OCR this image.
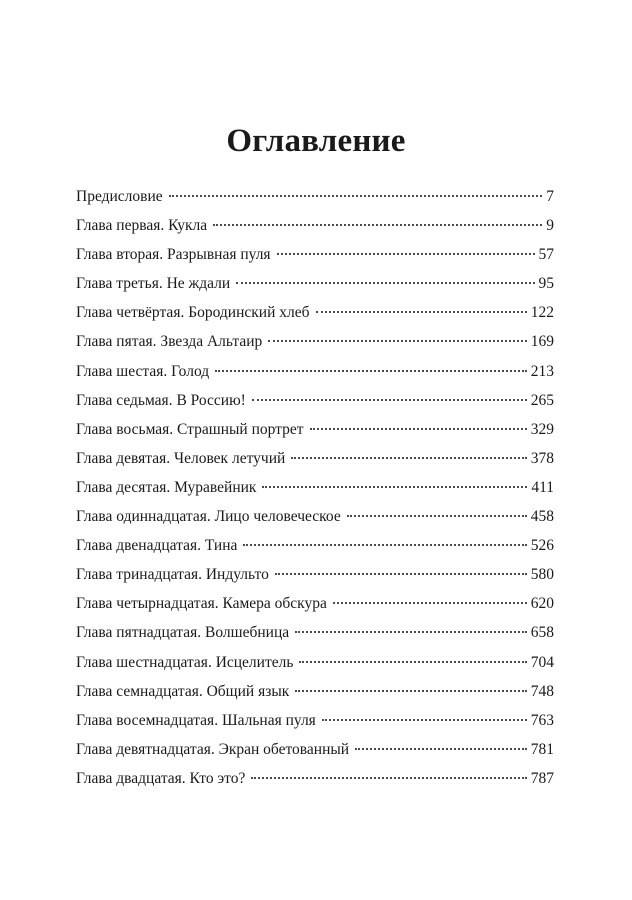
Оглавление
Предисловие	7
Глава первая. Кукла	9
Глава вторая. Разрывная пуля	57
Глава третья. Не ждали	95
Глава четвёртая. Бородинский хлеб	122
Глава пятая. Звезда Альтаир	169
Глава шестая. Голод	213
Глава седьмая. В Россию!	265
Глава восьмая. Страшный портрет	329
Глава девятая. Человек летучий	378
Глава десятая. Муравейник	411
Глава одиннадцатая. Лицо человеческое	458
Глава двенадцатая. Тина	526
Глава тринадцатая. Индульто	580
Глава четырнадцатая. Камера обскура	620
Глава пятнадцатая. Волшебница	658
Глава шестнадцатая. Исцелитель	704
Глава семнадцатая. Общий язык	748
Глава восемнадцатая. Шальная пуля	763
Глава девятнадцатая. Экран обетованный	781
Глава двадцатая. Кто это?	787
